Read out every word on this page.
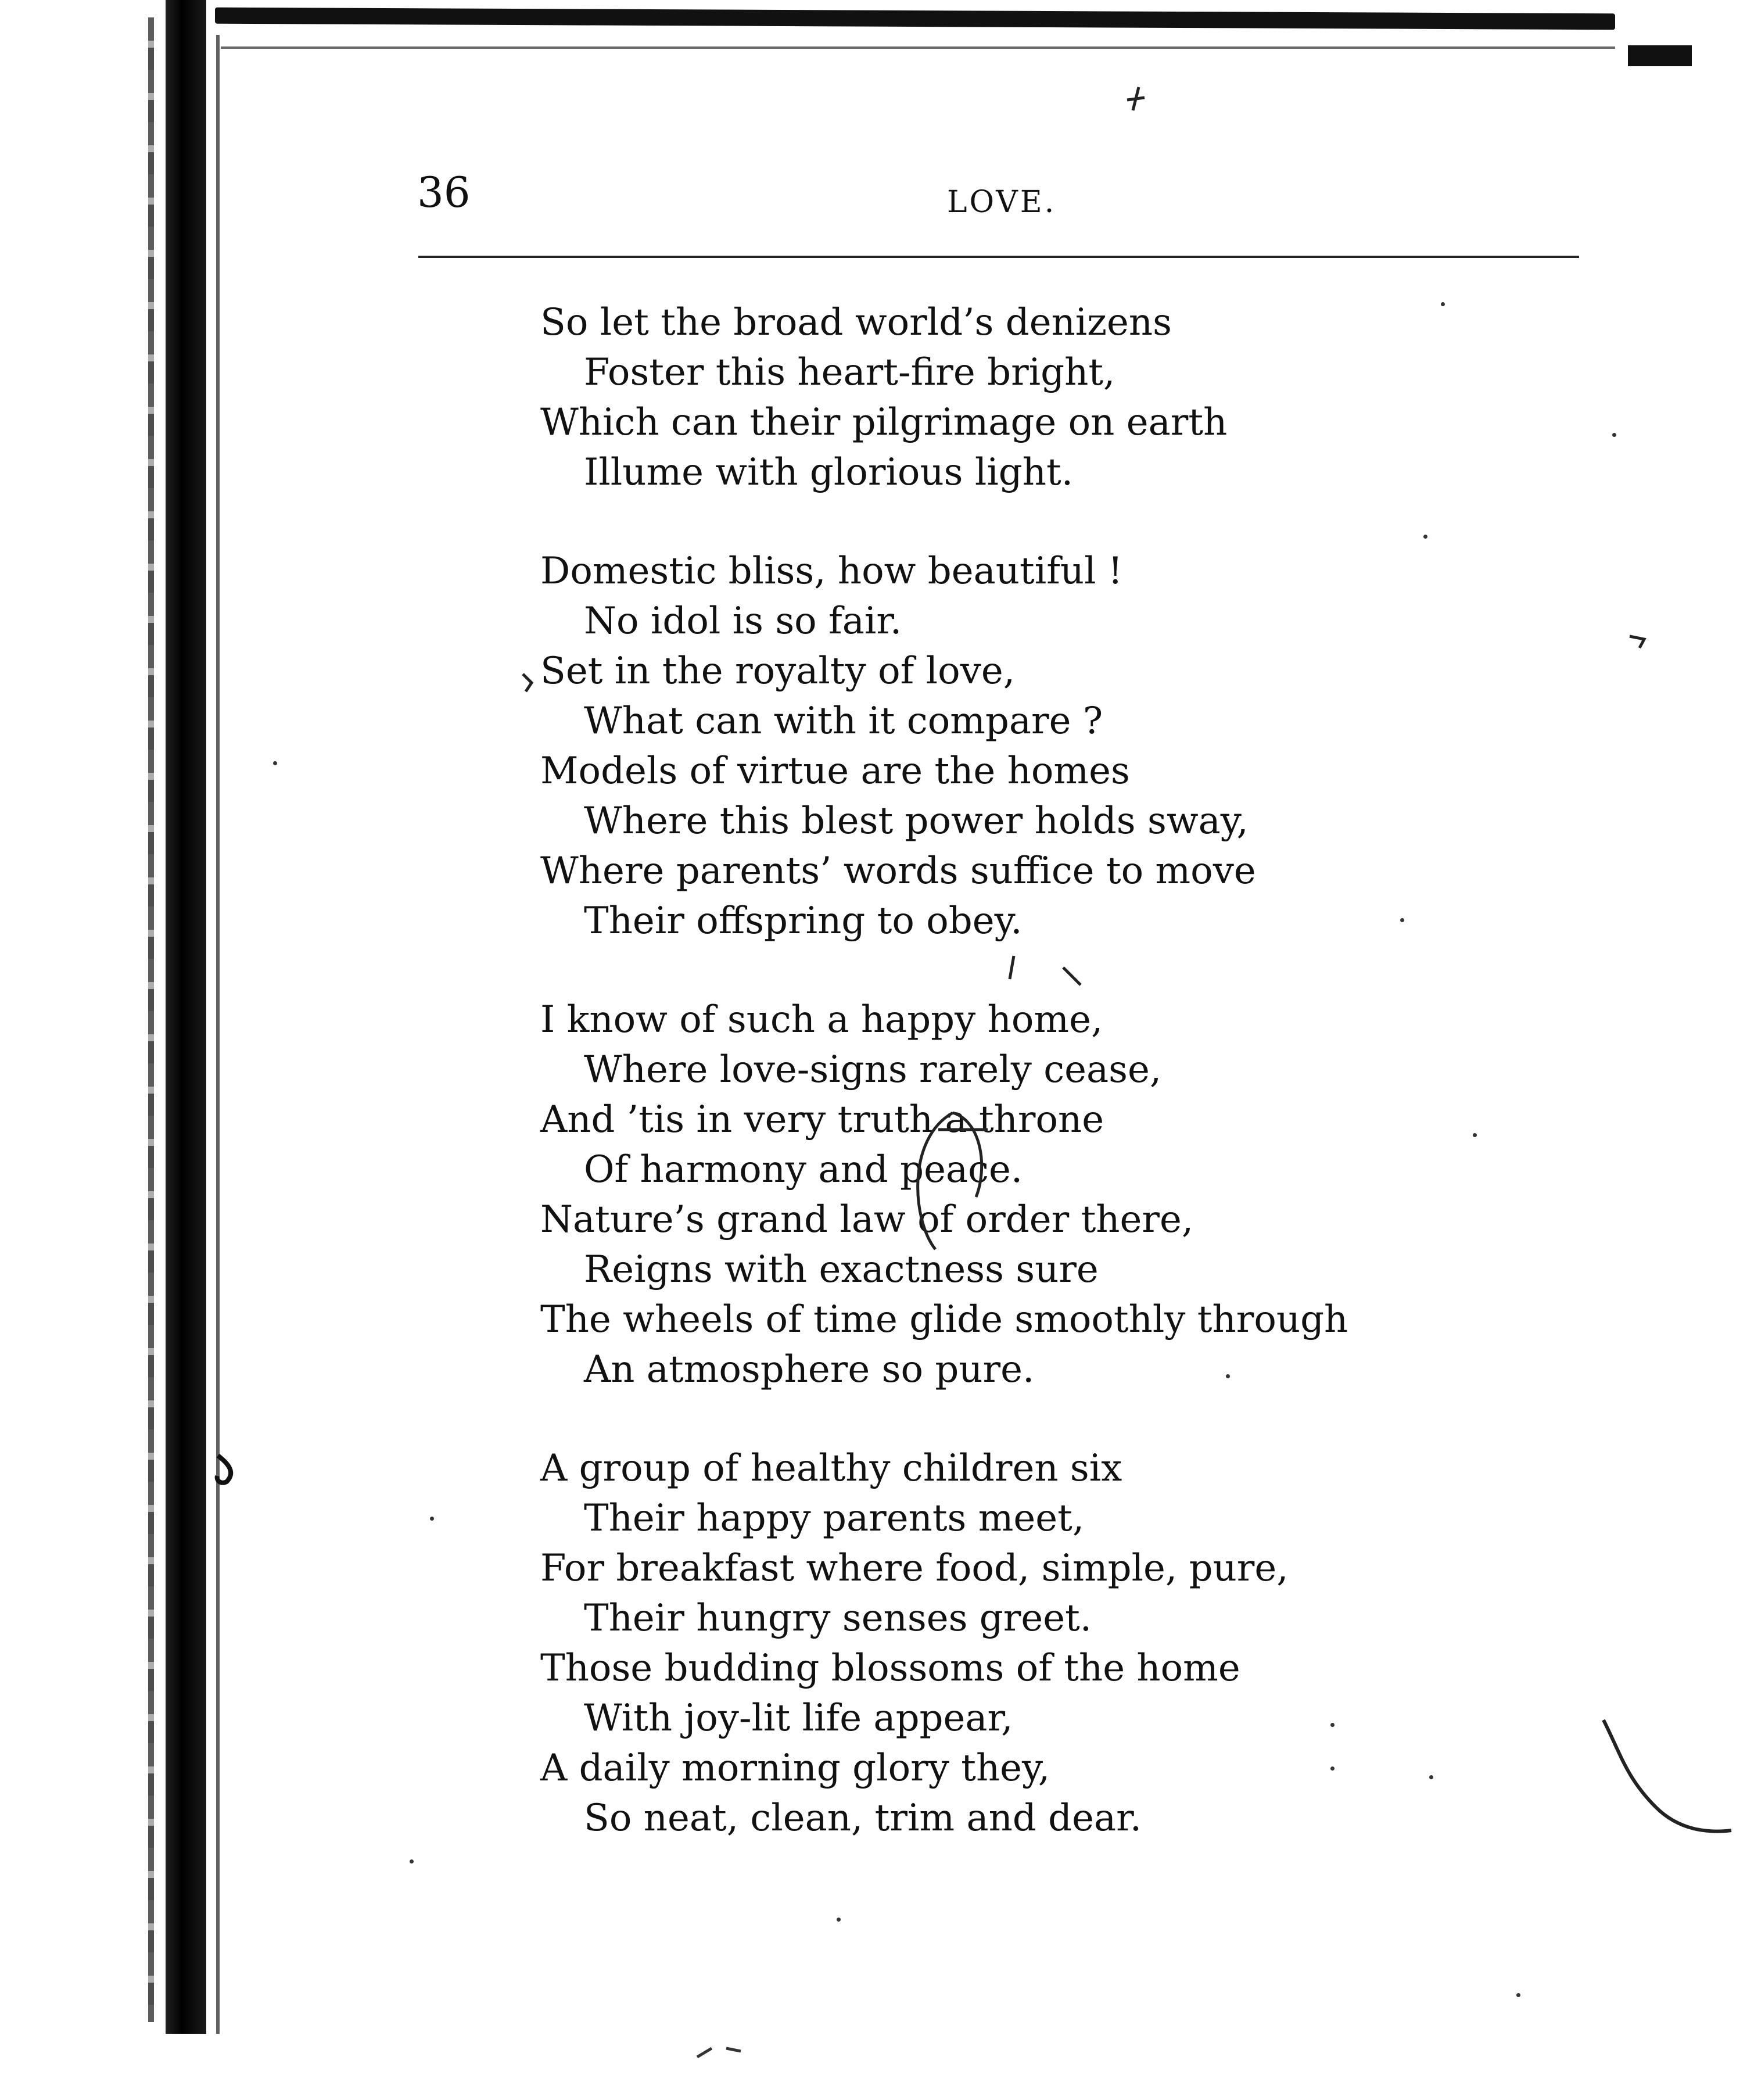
36	LOVE.
So let the broad world’s denizens
Foster this heart-fire bright,
Which can their pilgrimage on earth
Illume with glorious light.
Domestic bliss, how beautiful !
No idol is so fair.
Set in the royalty of love,
What can with it compare ?
Models of virtue are the homes
Where this blest power holds sway,
Where parents’ words suffice to move
Their offspring to obey.
I know of such a happy home,
Where love-signs rarely cease,
And ’tis in very truth a throne
Of harmony and peace.
Nature’s grand law of order there,
Reigns with exactness sure
The wheels of time glide smoothly through
An atmosphere so pure.
A group of healthy children six
Their happy parents meet,
For breakfast where food, simple, pure,
Their hungry senses greet.
Those budding blossoms of the home
With joy-lit life appear,
A daily morning glory they,
So neat, clean, trim and dear.
